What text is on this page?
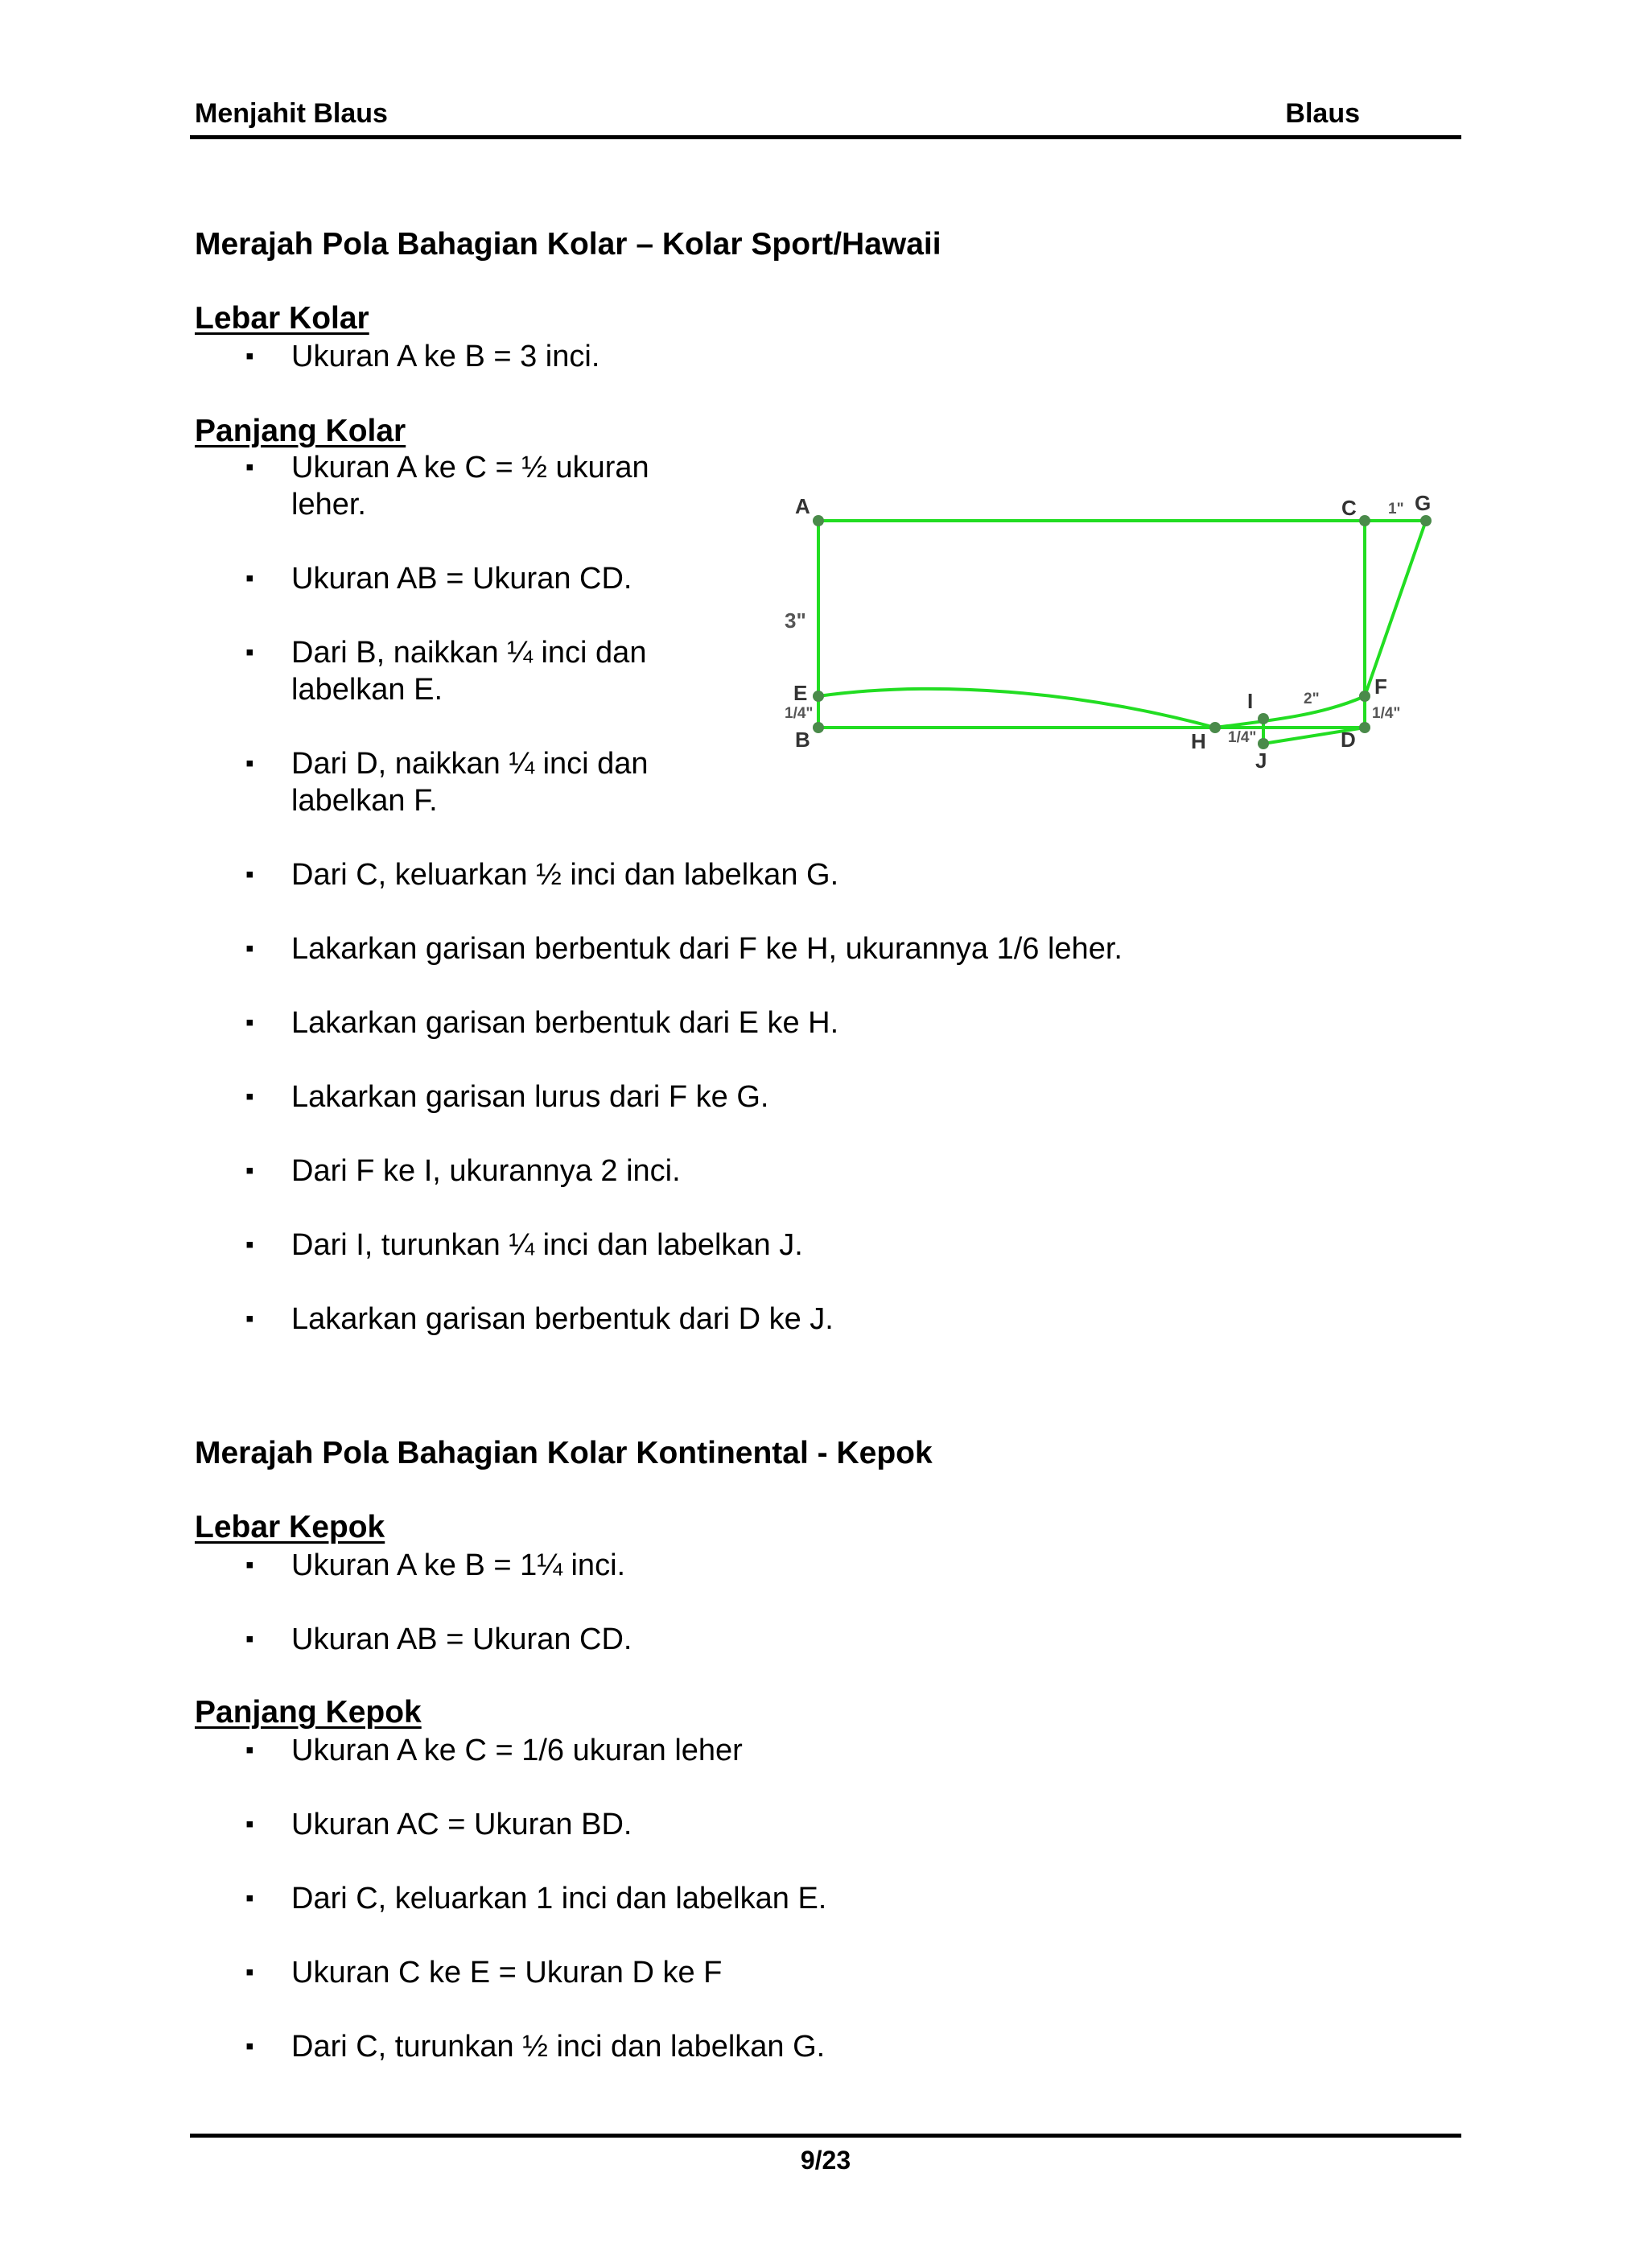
Menjahit Blaus	Blaus
Merajah Pola Bahagian Kolar – Kolar Sport/Hawaii
Lebar Kolar
▪ Ukuran A ke B = 3 inci.
Panjang Kolar
▪ Ukuran A ke C = ½ ukuran leher.
▪ Ukuran AB = Ukuran CD.
▪ Dari B, naikkan ¼ inci dan labelkan E.
▪ Dari D, naikkan ¼ inci dan labelkan F.
▪ Dari C, keluarkan ½ inci dan labelkan G.
▪ Lakarkan garisan berbentuk dari F ke H, ukurannya 1/6 leher.
▪ Lakarkan garisan berbentuk dari E ke H.
▪ Lakarkan garisan lurus dari F ke G.
▪ Dari F ke I, ukurannya 2 inci.
▪ Dari I, turunkan ¼ inci dan labelkan J.
▪ Lakarkan garisan berbentuk dari D ke J.
A	C	G
E
B	H
I
J
D
F
3"
1"
1/4"	1/4"
2"
1/4"
Merajah Pola Bahagian Kolar Kontinental - Kepok
Lebar Kepok
▪ Ukuran A ke B = 1¼ inci.
▪ Ukuran AB = Ukuran CD.
Panjang Kepok
▪ Ukuran A ke C = 1/6 ukuran leher
▪ Ukuran AC = Ukuran BD.
▪ Dari C, keluarkan 1 inci dan labelkan E.
▪ Ukuran C ke E = Ukuran D ke F
▪ Dari C, turunkan ½ inci dan labelkan G.
9/23
